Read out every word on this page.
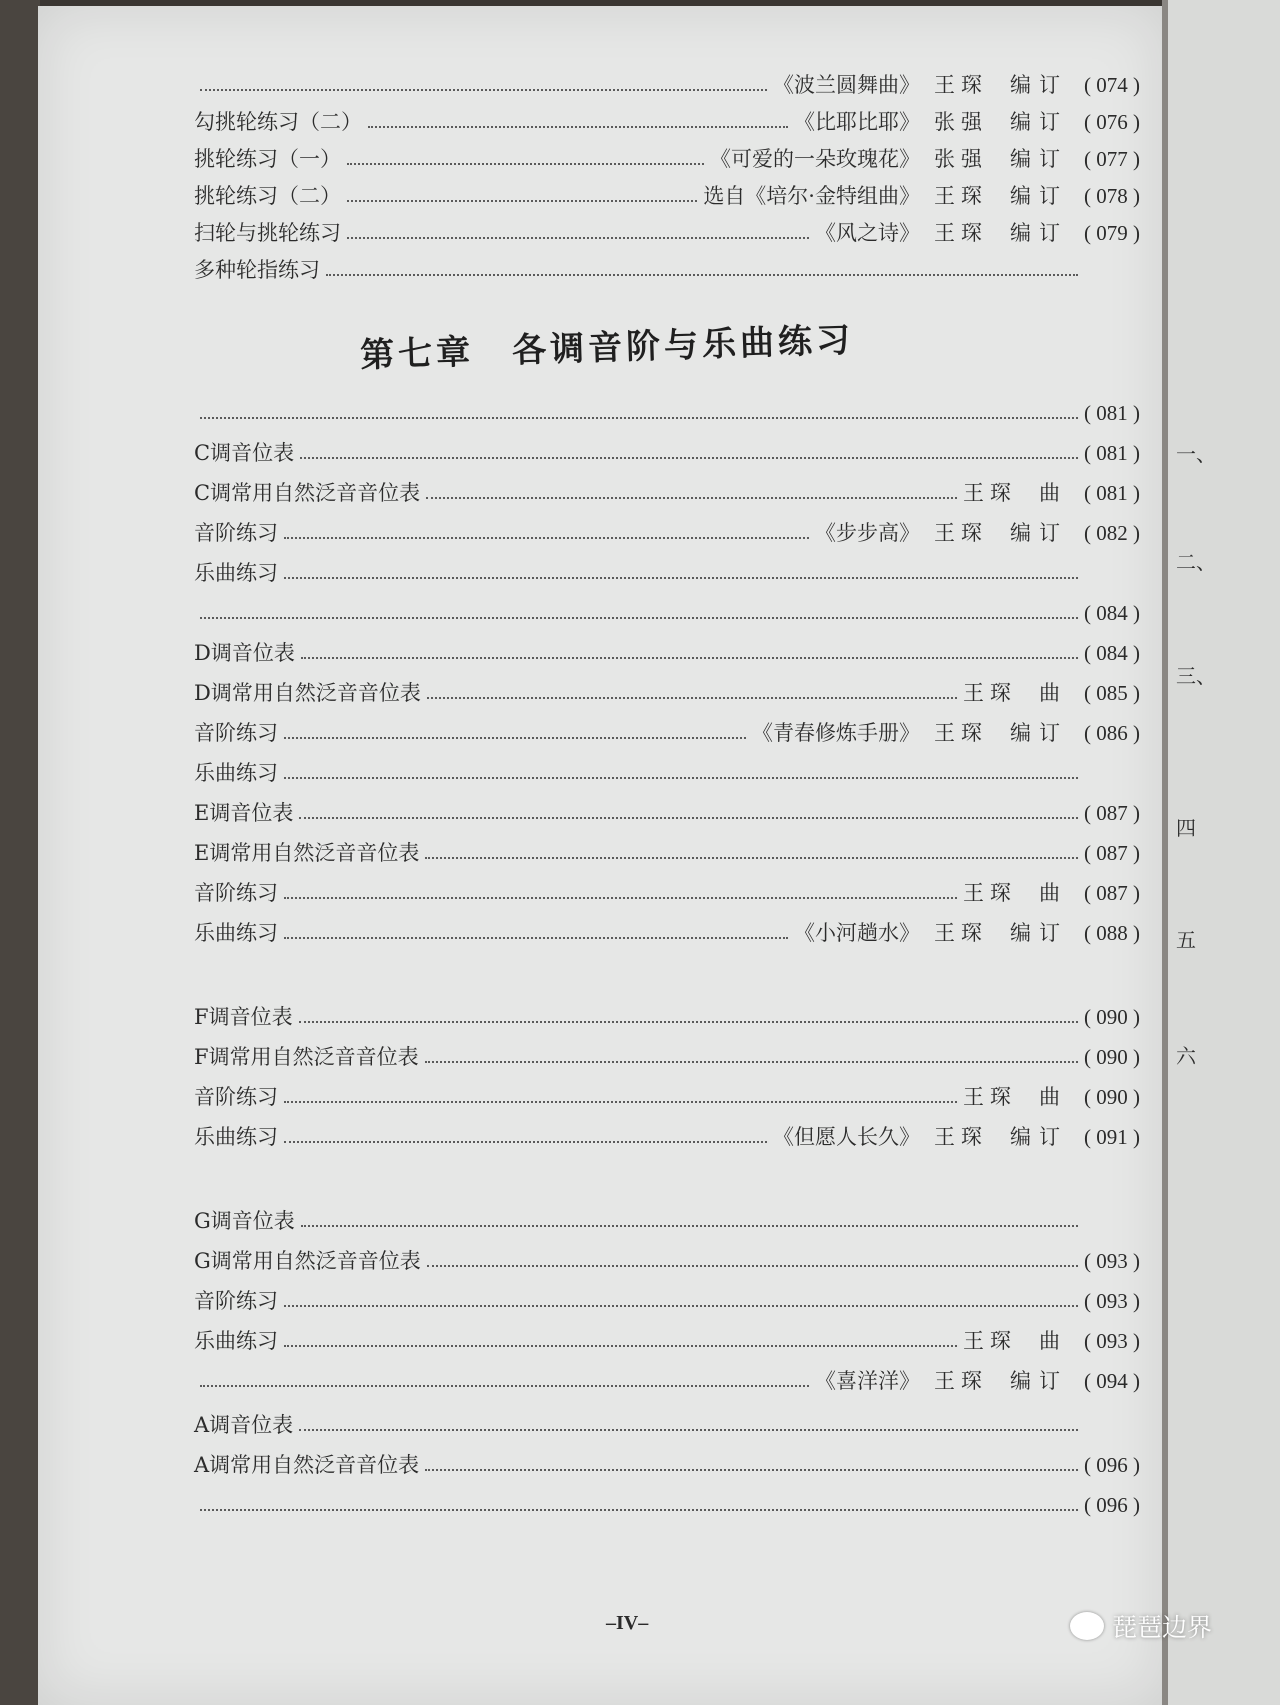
《波兰圆舞曲》 王琛 编订 ( 074 )
勾挑轮练习（二）	《比耶比耶》 张强 编订 ( 076 )
挑轮练习（一）	《可爱的一朵玫瑰花》 张强 编订 ( 077 )
挑轮练习（二）	选自《培尔·金特组曲》 王琛 编订 ( 078 )
扫轮与挑轮练习	《风之诗》 王琛 编订 ( 079 )
多种轮指练习
( 081 )
C调音位表	( 081 )
C调常用自然泛音音位表	王琛 曲 ( 081 )
音阶练习	《步步高》 王琛 编订 ( 082 )
乐曲练习
( 084 )
D调音位表	( 084 )
D调常用自然泛音音位表	王琛 曲 ( 085 )
音阶练习	《青春修炼手册》 王琛 编订 ( 086 )
乐曲练习
E调音位表	( 087 )
E调常用自然泛音音位表	( 087 )
音阶练习	王琛 曲 ( 087 )
乐曲练习	《小河趟水》 王琛 编订 ( 088 )
F调音位表	( 090 )
F调常用自然泛音音位表	( 090 )
音阶练习	王琛 曲 ( 090 )
乐曲练习	《但愿人长久》 王琛 编订 ( 091 )
G调音位表
G调常用自然泛音音位表	( 093 )
音阶练习	( 093 )
乐曲练习	王琛 曲 ( 093 )
《喜洋洋》 王琛 编订 ( 094 )
A调音位表
A调常用自然泛音音位表	( 096 )
( 096 )
第七章　各调音阶与乐曲练习
–IV–	琵琶边界
一、
二、
三、
四
五
六
